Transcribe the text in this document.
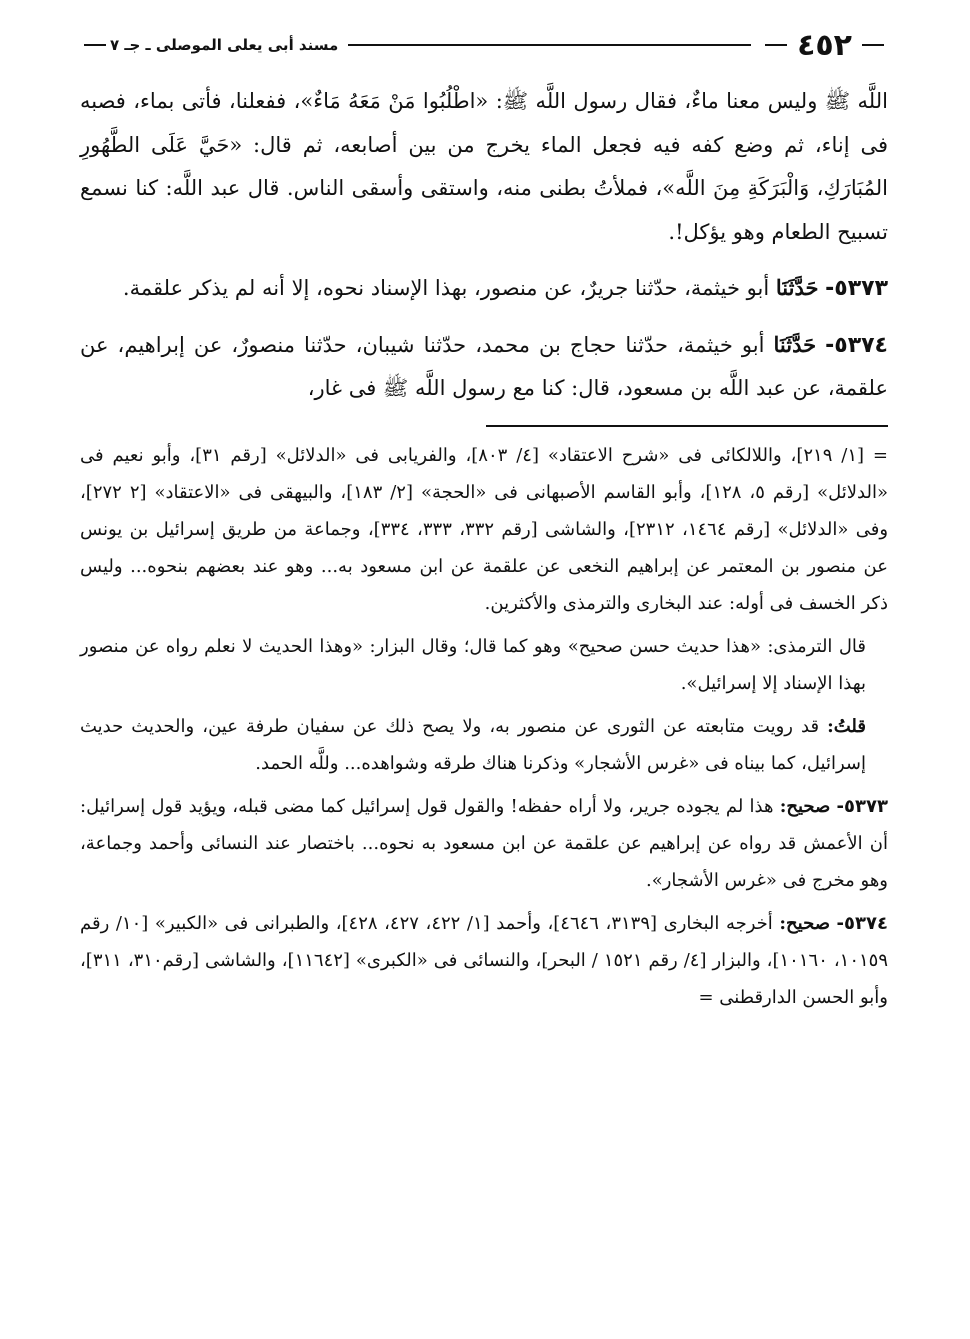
٤٥٢
مسند أبى يعلى الموصلى ـ جـ ٧

اللَّه ﷺ وليس معنا ماءٌ، فقال رسول اللَّه ﷺ: «اطْلُبُوا مَنْ مَعَهُ مَاءٌ»، ففعلنا، فأتى بماء، فصبه فى إناء، ثم وضع كفه فيه فجعل الماء يخرج من بين أصابعه، ثم قال: «حَيَّ عَلَى الطَّهُورِ المُبَارَكِ، وَالْبَرَكَةِ مِنَ اللَّه»، فملأتُ بطنى منه، واستقى وأسقى الناس. قال عبد اللَّه: كنا نسمع تسبيح الطعام وهو يؤكل!.

٥٣٧٣- حَدَّثَنَا أبو خيثمة، حدّثنا جريرٌ، عن منصور، بهذا الإسناد نحوه، إلا أنه لم يذكر علقمة.

٥٣٧٤- حَدَّثَنَا أبو خيثمة، حدّثنا حجاج بن محمد، حدّثنا شيبان، حدّثنا منصورٌ، عن إبراهيم، عن علقمة، عن عبد اللَّه بن مسعود، قال: كنا مع رسول اللَّه ﷺ فى غار،

= [١/ ٢١٩]، واللالكائى فى «شرح الاعتقاد» [٤/ ٨٠٣]، والفريابى فى «الدلائل» [رقم ٣١]، وأبو نعيم فى «الدلائل» [رقم ٥، ١٢٨]، وأبو القاسم الأصبهانى فى «الحجة» [٢/ ١٨٣]، والبيهقى فى «الاعتقاد» [٢ ٢٧٢]، وفى «الدلائل» [رقم ١٤٦٤، ٢٣١٢]، والشاشى [رقم ٣٣٢، ٣٣٣، ٣٣٤]، وجماعة من طريق إسرائيل بن يونس عن منصور بن المعتمر عن إبراهيم النخعى عن علقمة عن ابن مسعود به... وهو عند بعضهم بنحوه... وليس ذكر الخسف فى أوله: عند البخارى والترمذى والأكثرين.

قال الترمذى: «هذا حديث حسن صحيح» وهو كما قال؛ وقال البزار: «وهذا الحديث لا نعلم رواه عن منصور بهذا الإسناد إلا إسرائيل».

قلتُ: قد رويت متابعته عن الثورى عن منصور به، ولا يصح ذلك عن سفيان طرفة عين، والحديث حديث إسرائيل، كما بيناه فى «غرس الأشجار» وذكرنا هناك طرقه وشواهده... وللَّه الحمد.

٥٣٧٣- صحيح: هذا لم يجوده جرير، ولا أراه حفظه! والقول قول إسرائيل كما مضى قبله، ويؤيد قول إسرائيل: أن الأعمش قد رواه عن إبراهيم عن علقمة عن ابن مسعود به نحوه... باختصار عند النسائى وأحمد وجماعة، وهو مخرج فى «غرس الأشجار».

٥٣٧٤- صحيح: أخرجه البخارى [٣١٣٩، ٤٦٤٦]، وأحمد [١/ ٤٢٢، ٤٢٧، ٤٢٨]، والطبرانى فى «الكبير» [١٠/ رقم ١٠١٥٩، ١٠١٦٠]، والبزار [٤/ رقم ١٥٢١ / البحر]، والنسائى فى «الكبرى» [١١٦٤٢]، والشاشى [رقم٣١٠، ٣١١]، وأبو الحسن الدارقطنى =
